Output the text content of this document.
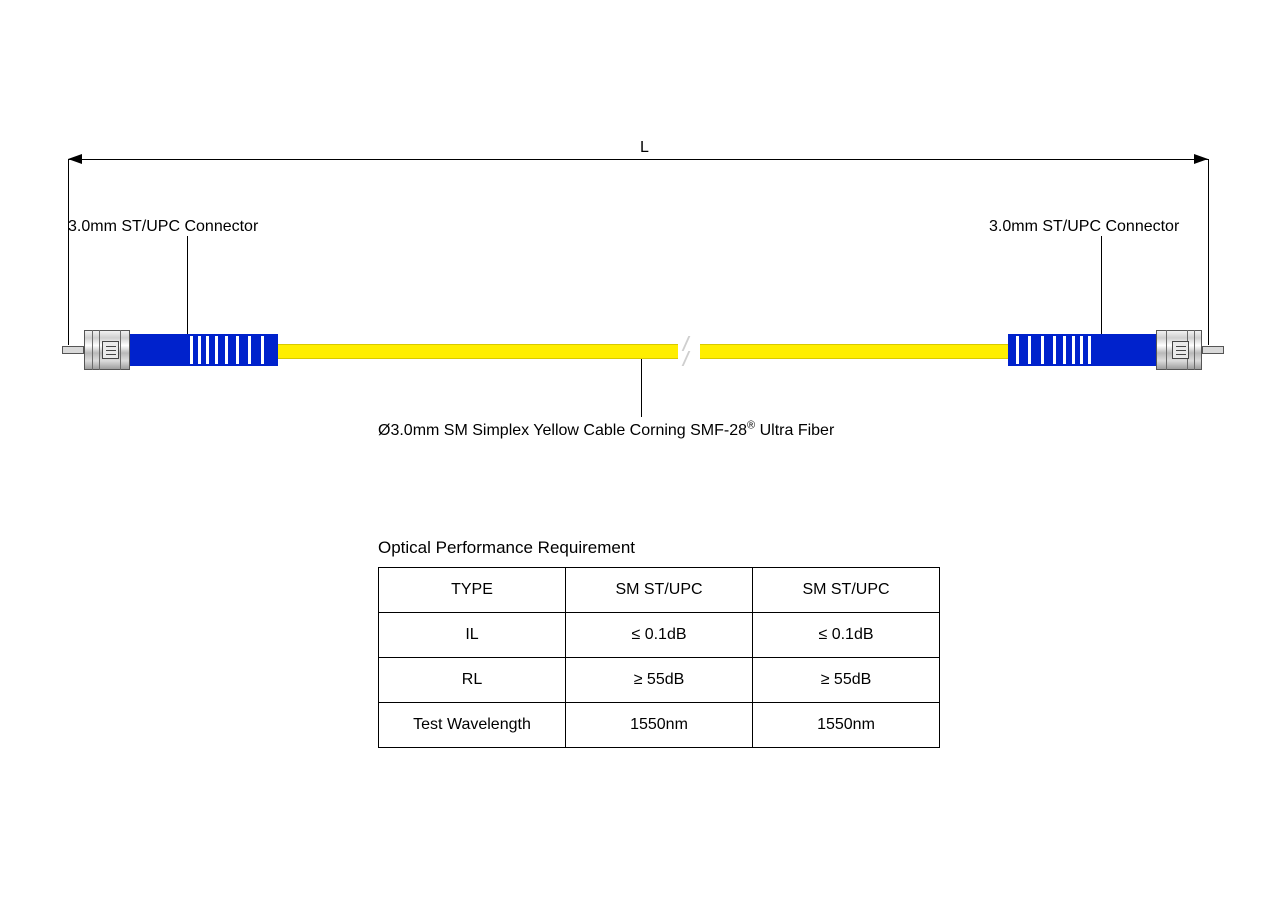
L
3.0mm ST/UPC Connector	3.0mm ST/UPC Connector
Ø3.0mm SM Simplex Yellow Cable Corning SMF-28® Ultra Fiber
Optical Performance Requirement
TYPE	SM ST/UPC	SM ST/UPC
IL	≤ 0.1dB	≤ 0.1dB
RL	≥ 55dB	≥ 55dB
Test Wavelength	1550nm	1550nm
